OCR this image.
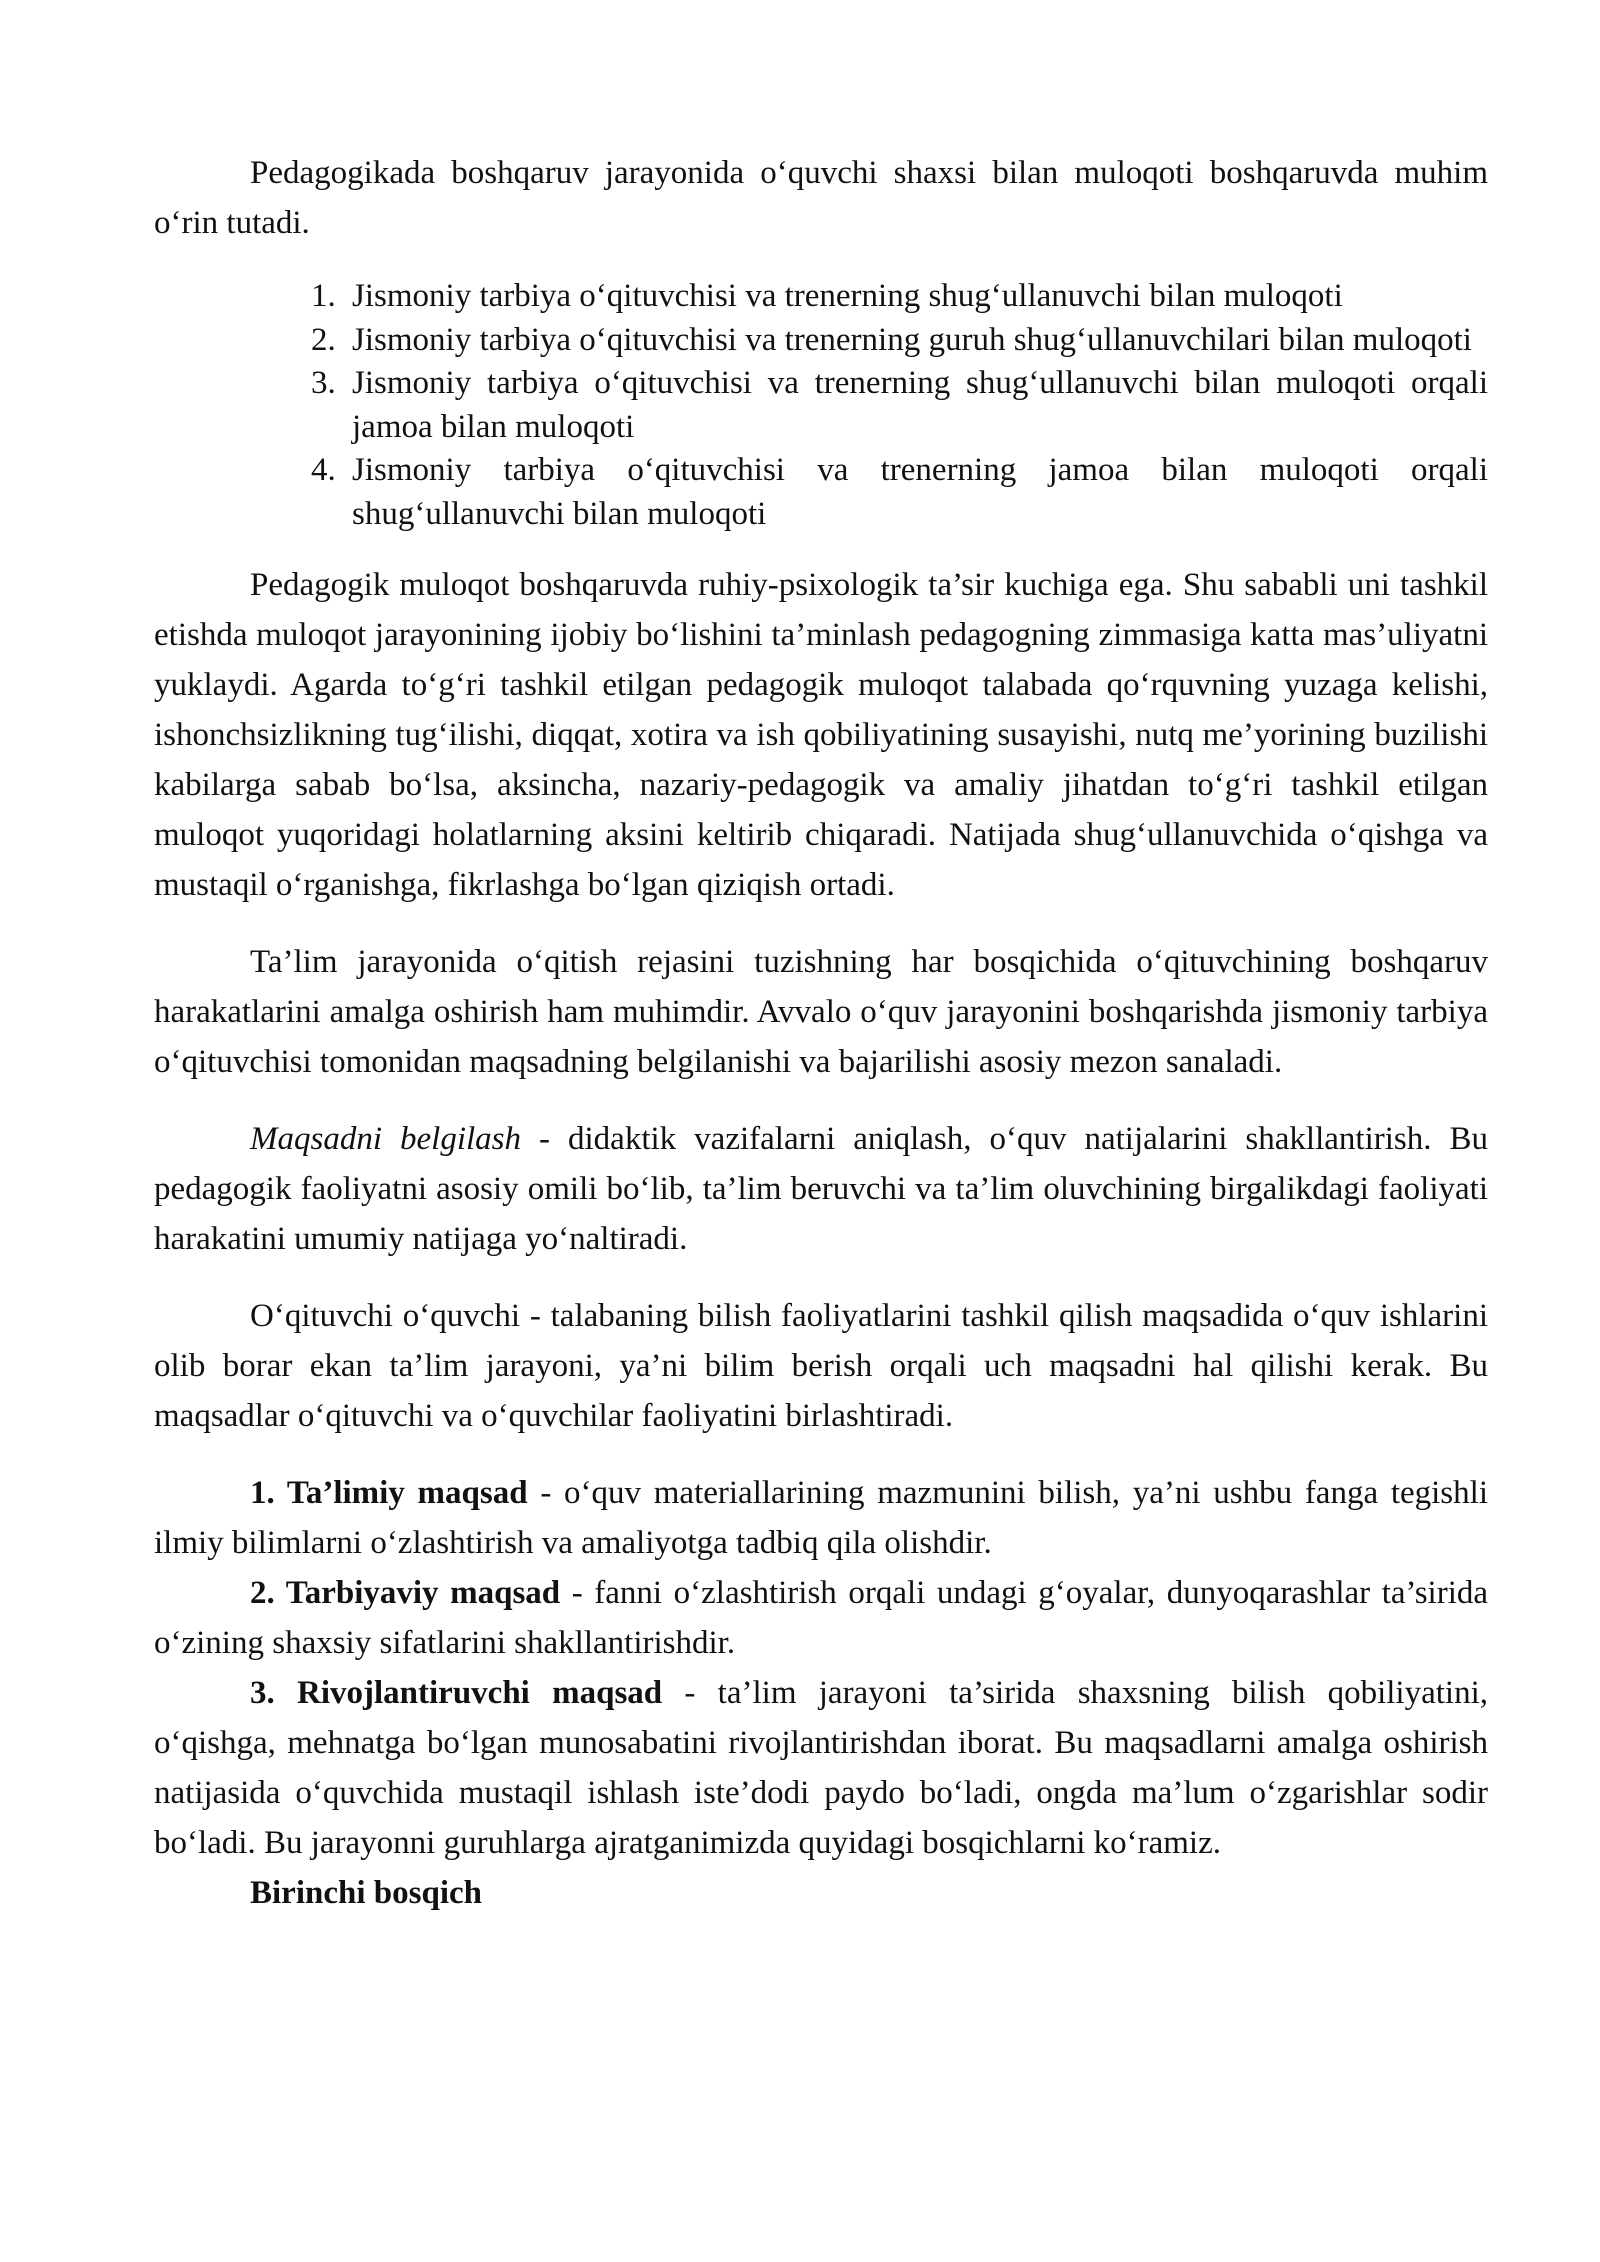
Pedagogikada boshqaruv jarayonida o‘quvchi shaxsi bilan muloqoti boshqaruvda muhim o‘rin tutadi.

1. Jismoniy tarbiya o‘qituvchisi va trenerning shug‘ullanuvchi bilan muloqoti
2. Jismoniy tarbiya o‘qituvchisi va trenerning guruh shug‘ullanuvchilari bilan muloqoti
3. Jismoniy tarbiya o‘qituvchisi va trenerning shug‘ullanuvchi bilan muloqoti orqali jamoa bilan muloqoti
4. Jismoniy tarbiya o‘qituvchisi va trenerning jamoa bilan muloqoti orqali shug‘ullanuvchi bilan muloqoti

Pedagogik muloqot boshqaruvda ruhiy-psixologik ta’sir kuchiga ega. Shu sababli uni tashkil etishda muloqot jarayonining ijobiy bo‘lishini ta’minlash pedagogning zimmasiga katta mas’uliyatni yuklaydi. Agarda to‘g‘ri tashkil etilgan pedagogik muloqot talabada qo‘rquvning yuzaga kelishi, ishonchsizlikning tug‘ilishi, diqqat, xotira va ish qobiliyatining susayishi, nutq me’yorining buzilishi kabilarga sabab bo‘lsa, aksincha, nazariy-pedagogik va amaliy jihatdan to‘g‘ri tashkil etilgan muloqot yuqoridagi holatlarning aksini keltirib chiqaradi. Natijada shug‘ullanuvchida o‘qishga va mustaqil o‘rganishga, fikrlashga bo‘lgan qiziqish ortadi.

Ta’lim jarayonida o‘qitish rejasini tuzishning har bosqichida o‘qituvchining boshqaruv harakatlarini amalga oshirish ham muhimdir. Avvalo o‘quv jarayonini boshqarishda jismoniy tarbiya o‘qituvchisi tomonidan maqsadning belgilanishi va bajarilishi asosiy mezon sanaladi.

Maqsadni belgilash - didaktik vazifalarni aniqlash, o‘quv natijalarini shakllantirish. Bu pedagogik faoliyatni asosiy omili bo‘lib, ta’lim beruvchi va ta’lim oluvchining birgalikdagi faoliyati harakatini umumiy natijaga yo‘naltiradi.

O‘qituvchi o‘quvchi - talabaning bilish faoliyatlarini tashkil qilish maqsadida o‘quv ishlarini olib borar ekan ta’lim jarayoni, ya’ni bilim berish orqali uch maqsadni hal qilishi kerak. Bu maqsadlar o‘qituvchi va o‘quvchilar faoliyatini birlashtiradi.

1. Ta’limiy maqsad - o‘quv materiallarining mazmunini bilish, ya’ni ushbu fanga tegishli ilmiy bilimlarni o‘zlashtirish va amaliyotga tadbiq qila olishdir.

2. Tarbiyaviy maqsad - fanni o‘zlashtirish orqali undagi g‘oyalar, dunyoqarashlar ta’sirida o‘zining shaxsiy sifatlarini shakllantirishdir.

3. Rivojlantiruvchi maqsad - ta’lim jarayoni ta’sirida shaxsning bilish qobiliyatini, o‘qishga, mehnatga bo‘lgan munosabatini rivojlantirishdan iborat. Bu maqsadlarni amalga oshirish natijasida o‘quvchida mustaqil ishlash iste’dodi paydo bo‘ladi, ongda ma’lum o‘zgarishlar sodir bo‘ladi. Bu jarayonni guruhlarga ajratganimizda quyidagi bosqichlarni ko‘ramiz.

Birinchi bosqich
